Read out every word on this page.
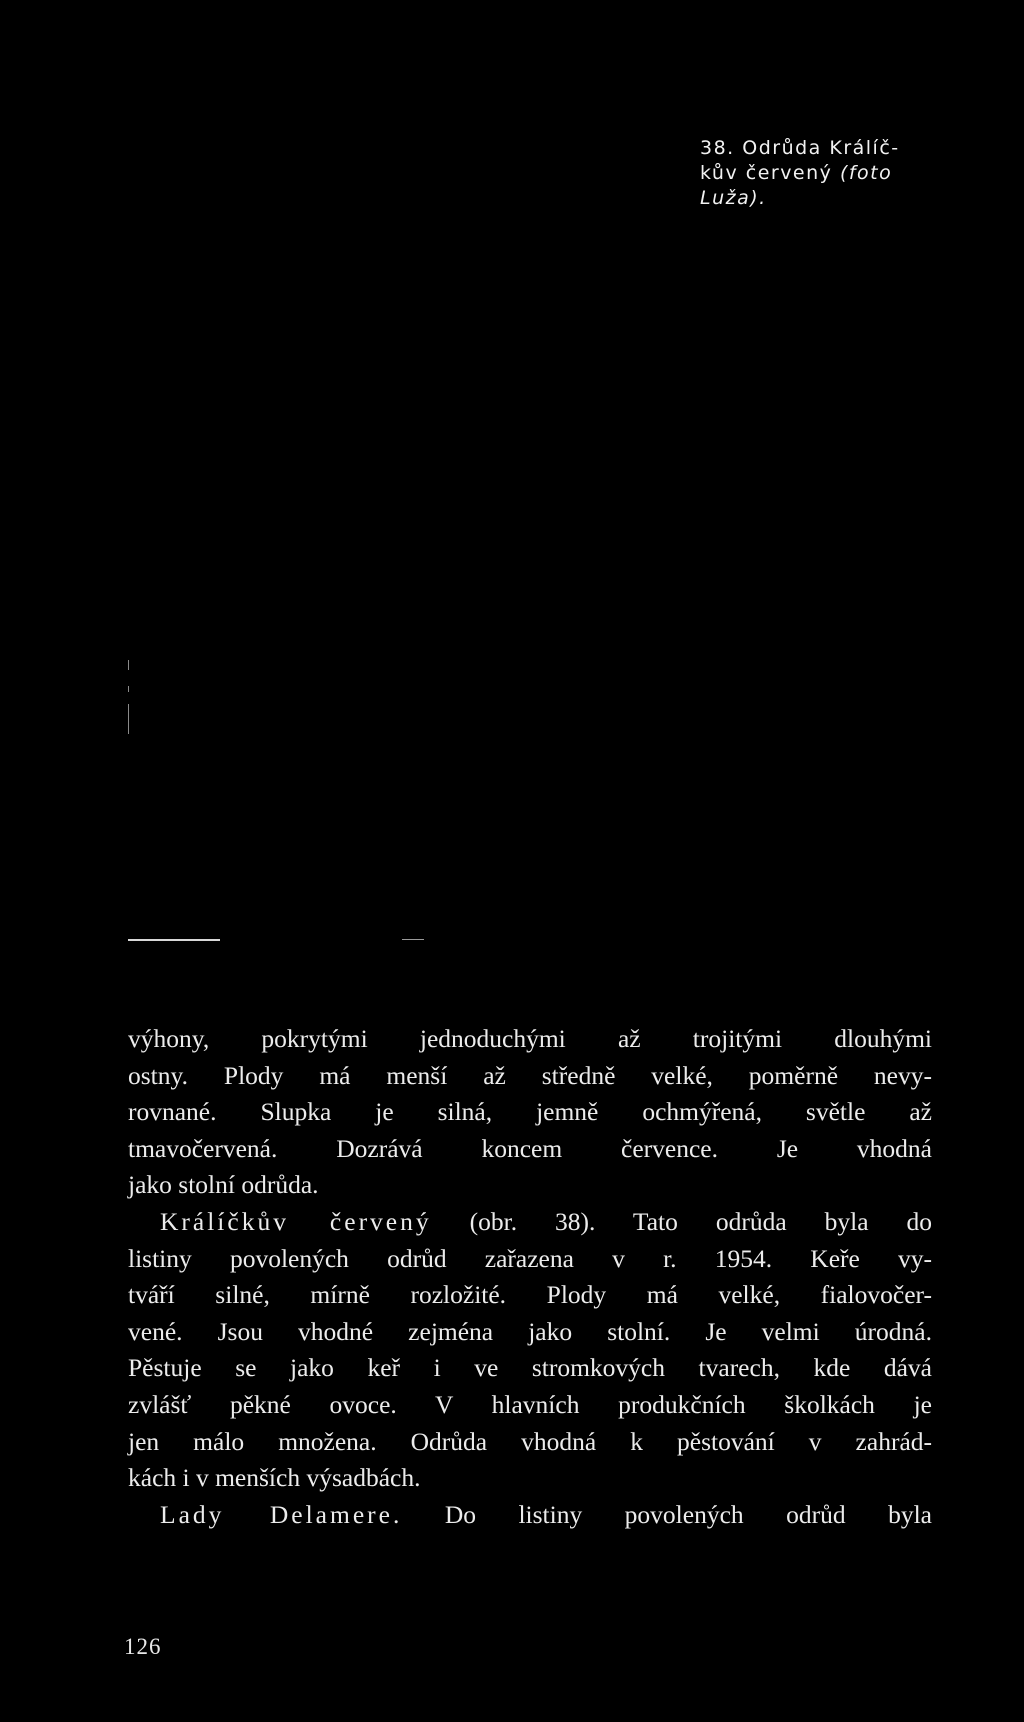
38. Odrůda Králíč-
kův červený (foto
Luža).
výhony, pokrytými jednoduchými až trojitými dlouhými
ostny. Plody má menší až středně velké, poměrně nevy-
rovnané. Slupka je silná, jemně ochmýřená, světle až
tmavočervená. Dozrává koncem července. Je vhodná
jako stolní odrůda.
Králíčkův červený (obr. 38). Tato odrůda byla do
listiny povolených odrůd zařazena v r. 1954. Keře vy-
tváří silné, mírně rozložité. Plody má velké, fialovočer-
vené. Jsou vhodné zejména jako stolní. Je velmi úrodná.
Pěstuje se jako keř i ve stromkových tvarech, kde dává
zvlášť pěkné ovoce. V hlavních produkčních školkách je
jen málo množena. Odrůda vhodná k pěstování v zahrád-
kách i v menších výsadbách.
Lady Delamere. Do listiny povolených odrůd byla
126
